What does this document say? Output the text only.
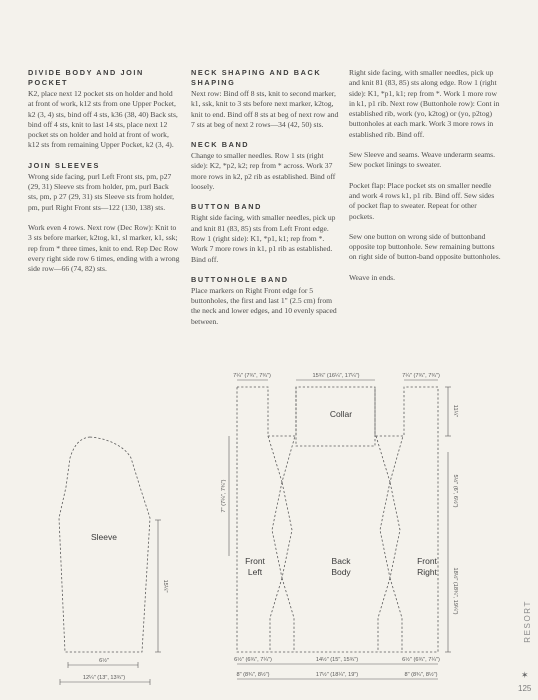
DIVIDE BODY AND JOIN POCKET

K2, place next 12 pocket sts on holder and hold at front of work, k12 sts from one Upper Pocket, k2 (3, 4) sts, bind off 4 sts, k36 (38, 40) Back sts, bind off 4 sts, knit to last 14 sts, place next 12 pocket sts on holder and hold at front of work, k12 sts from remaining Upper Pocket, k2 (3, 4).

JOIN SLEEVES

Wrong side facing, purl Left Front sts, pm, p27 (29, 31) Sleeve sts from holder, pm, purl Back sts, pm, p 27 (29, 31) sts Sleeve sts from holder, pm, purl Right Front sts—122 (130, 138) sts.

Work even 4 rows. Next row (Dec Row): Knit to 3 sts before marker, k2tog, k1, sl marker, k1, ssk; rep from * three times, knit to end. Rep Dec Row every right side row 6 times, ending with a wrong side row—66 (74, 82) sts.

NECK SHAPING AND BACK SHAPING

Next row: Bind off 8 sts, knit to second marker, k1, ssk, knit to 3 sts before next marker, k2tog, knit to end. Bind off 8 sts at beg of next row and 7 sts at beg of next 2 rows—34 (42, 50) sts.

NECK BAND

Change to smaller needles. Row 1 sts (right side): K2, *p2, k2; rep from * across. Work 37 more rows in k2, p2 rib as established. Bind off loosely.

BUTTON BAND

Right side facing, with smaller needles, pick up and knit 81 (83, 85) sts from Left Front edge. Row 1 (right side): K1, *p1, k1; rep from *. Work 7 more rows in k1, p1 rib as established. Bind off.

BUTTONHOLE BAND

Place markers on Right Front edge for 5 buttonholes, the first and last 1" (2.5 cm) from the neck and lower edges, and 10 evenly spaced between.

Right side facing, with smaller needles, pick up and knit 81 (83, 85) sts along edge. Row 1 (right side): K1, *p1, k1; rep from *. Work 1 more row in k1, p1 rib. Next row (Buttonhole row): Cont in established rib, work (yo, k2tog) or (yo, p2tog) buttonholes at each mark. Work 3 more rows in established rib. Bind off.

Sew Sleeve and seams. Weave underarm seams. Sew pocket linings to sweater.

Pocket flap: Place pocket sts on smaller needle and work 4 rows k1, p1 rib. Bind off. Sew sides of pocket flap to sweater. Repeat for other pockets.

Sew one button on wrong side of buttonband opposite top buttonhole. Sew remaining buttons on right side of button-band opposite buttonholes.

Weave in ends.

Sleeve
Collar
Front
Left
Back
Body
Front
Right
7¼" (7¾", 7¾")	15¾" (16¼", 17¼")	7¼" (7¾", 7¾")
6½"
12¼" (13", 13¾")
15¼"
7" (7¼", 7¾")
11¼"
5½" (6", 6½")
18½" (18¾", 19¼")
6½" (6¾", 7¼")	14½" (15", 15¾")	6½" (6¾", 7¼")
8" (8¾", 8½")	17½" (18¼", 19")	8" (8¾", 8½")
RESORT
✶
125
